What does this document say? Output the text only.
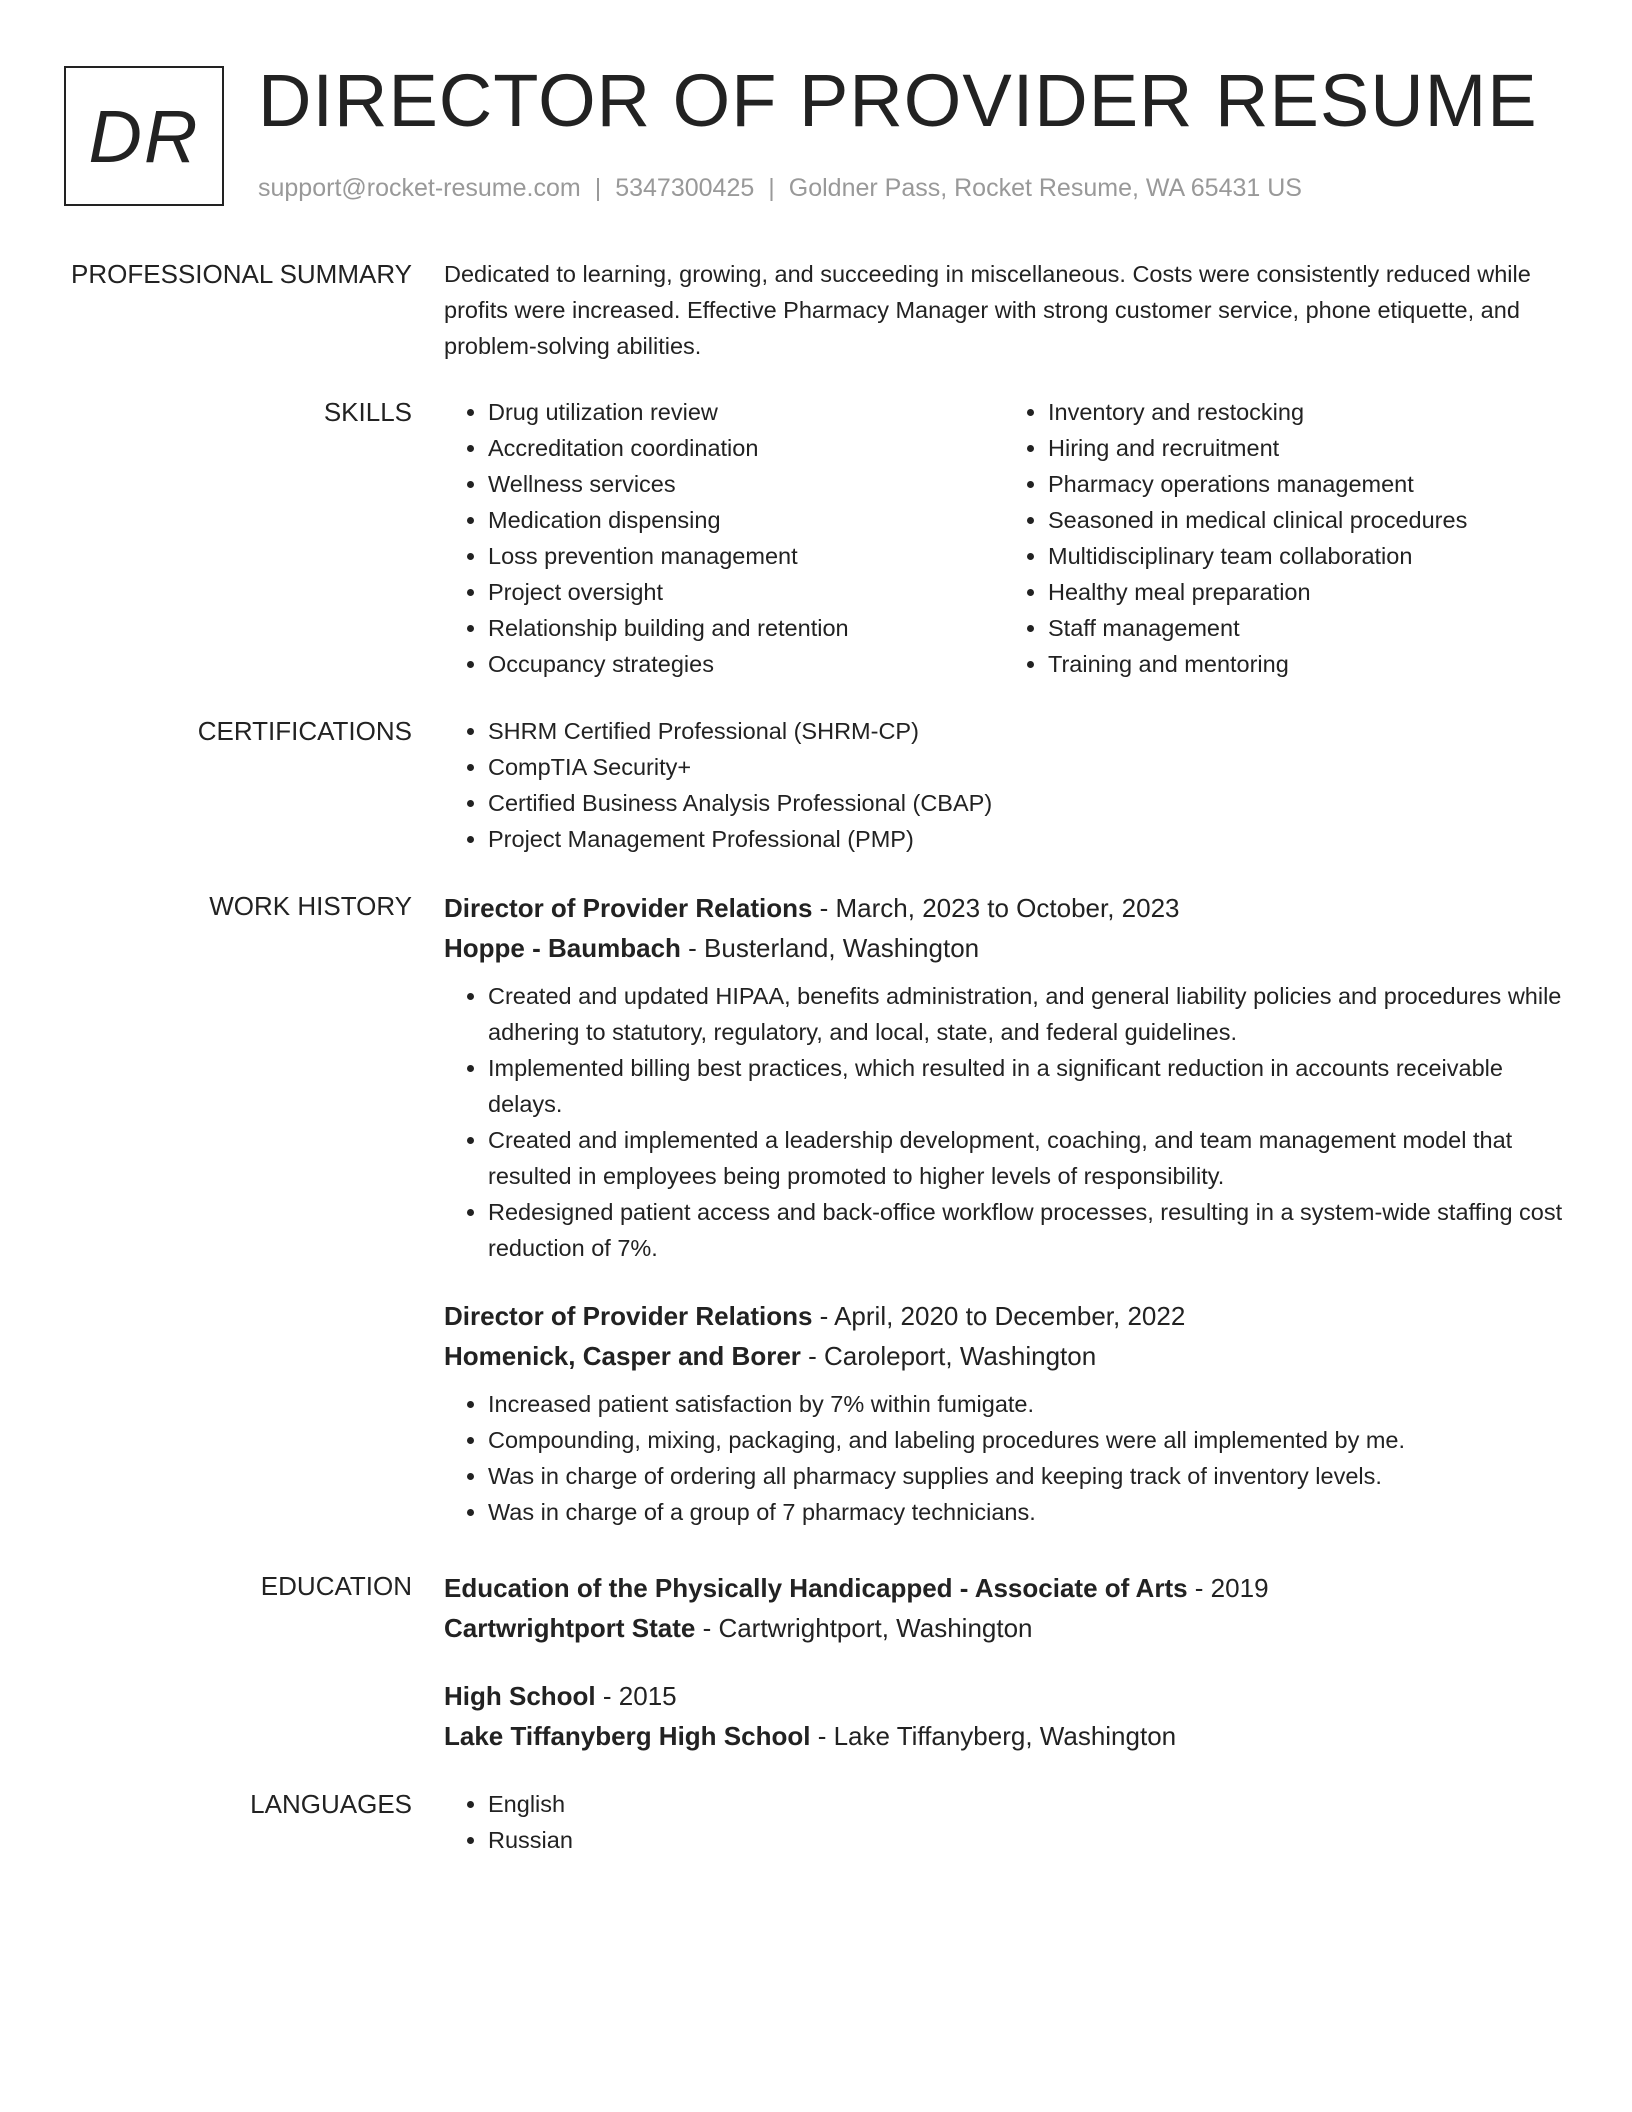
DR DIRECTOR OF PROVIDER RESUME
support@rocket-resume.com | 5347300425 | Goldner Pass, Rocket Resume, WA 65431 US
PROFESSIONAL SUMMARY Dedicated to learning, growing, and succeeding in miscellaneous. Costs were consistently reduced while profits were increased. Effective Pharmacy Manager with strong customer service, phone etiquette, and problem-solving abilities.
SKILLS	• Drug utilization review
• Accreditation coordination
• Wellness services
• Medication dispensing
• Loss prevention management
• Project oversight
• Relationship building and retention
• Occupancy strategies
• Inventory and restocking
• Hiring and recruitment
• Pharmacy operations management
• Seasoned in medical clinical procedures
• Multidisciplinary team collaboration
• Healthy meal preparation
• Staff management
• Training and mentoring
CERTIFICATIONS	• SHRM Certified Professional (SHRM-CP)
• CompTIA Security+
• Certified Business Analysis Professional (CBAP)
• Project Management Professional (PMP)
WORK HISTORY Director of Provider Relations - March, 2023 to October, 2023
Hoppe - Baumbach - Busterland, Washington
• Created and updated HIPAA, benefits administration, and general liability policies and procedures while adhering to statutory, regulatory, and local, state, and federal guidelines.
• Implemented billing best practices, which resulted in a significant reduction in accounts receivable delays.
• Created and implemented a leadership development, coaching, and team management model that resulted in employees being promoted to higher levels of responsibility.
• Redesigned patient access and back-office workflow processes, resulting in a system-wide staffing cost reduction of 7%.
Director of Provider Relations - April, 2020 to December, 2022
Homenick, Casper and Borer - Caroleport, Washington
• Increased patient satisfaction by 7% within fumigate.
• Compounding, mixing, packaging, and labeling procedures were all implemented by me.
• Was in charge of ordering all pharmacy supplies and keeping track of inventory levels.
• Was in charge of a group of 7 pharmacy technicians.
EDUCATION Education of the Physically Handicapped - Associate of Arts - 2019
Cartwrightport State - Cartwrightport, Washington
High School - 2015
Lake Tiffanyberg High School - Lake Tiffanyberg, Washington
LANGUAGES	• English
• Russian
